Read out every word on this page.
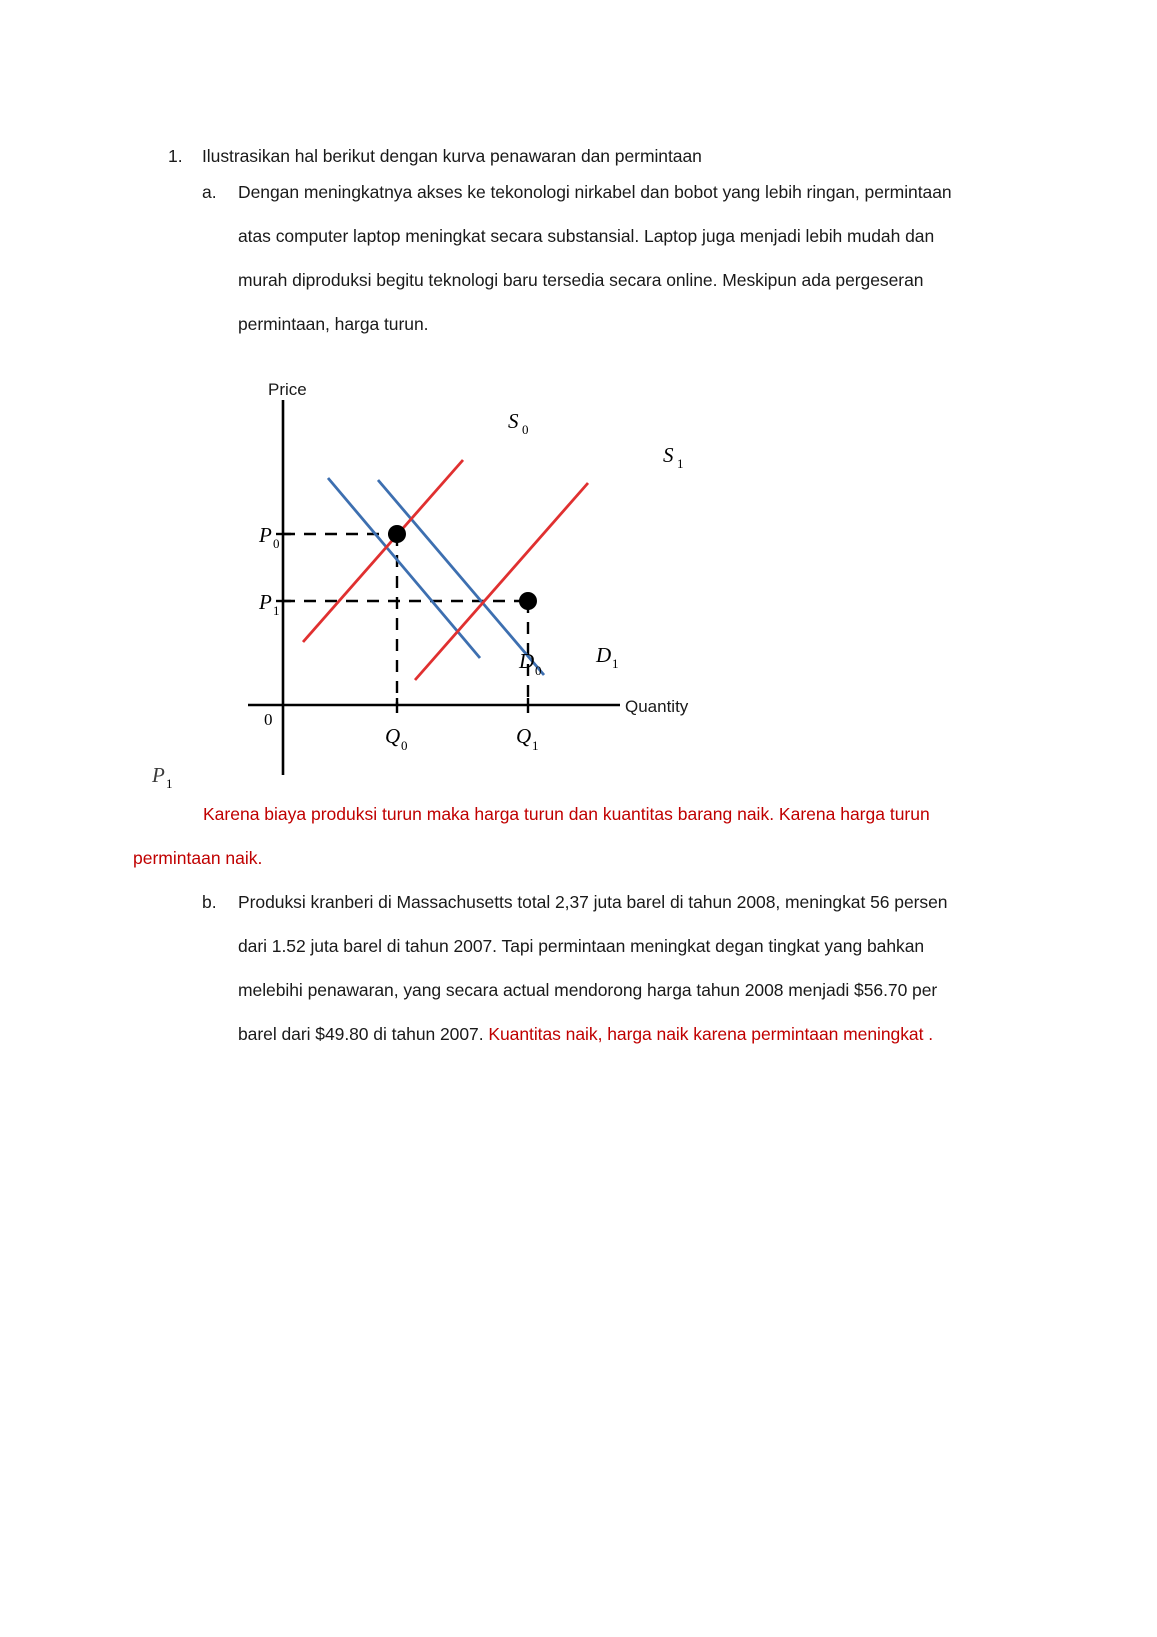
1.	Ilustrasikan hal berikut dengan kurva penawaran dan permintaan
a.	Dengan meningkatnya akses ke tekonologi nirkabel dan bobot yang lebih ringan, permintaan atas computer laptop meningkat secara substansial. Laptop juga menjadi lebih mudah dan murah diproduksi begitu teknologi baru tersedia secara online. Meskipun ada pergeseran permintaan, harga turun.
Price
Quantity
0
S 0
S 1
D 0
D 1
P 0
P 1
Q 0	Q 1
P 1
Karena biaya produksi turun maka harga turun dan kuantitas barang naik. Karena harga turun permintaan naik.
b.	Produksi kranberi di Massachusetts total 2,37 juta barel di tahun 2008, meningkat 56 persen dari 1.52 juta barel di tahun 2007. Tapi permintaan meningkat degan tingkat yang bahkan melebihi penawaran, yang secara actual mendorong harga tahun 2008 menjadi $56.70 per barel dari $49.80 di tahun 2007. Kuantitas naik, harga naik karena permintaan meningkat .
